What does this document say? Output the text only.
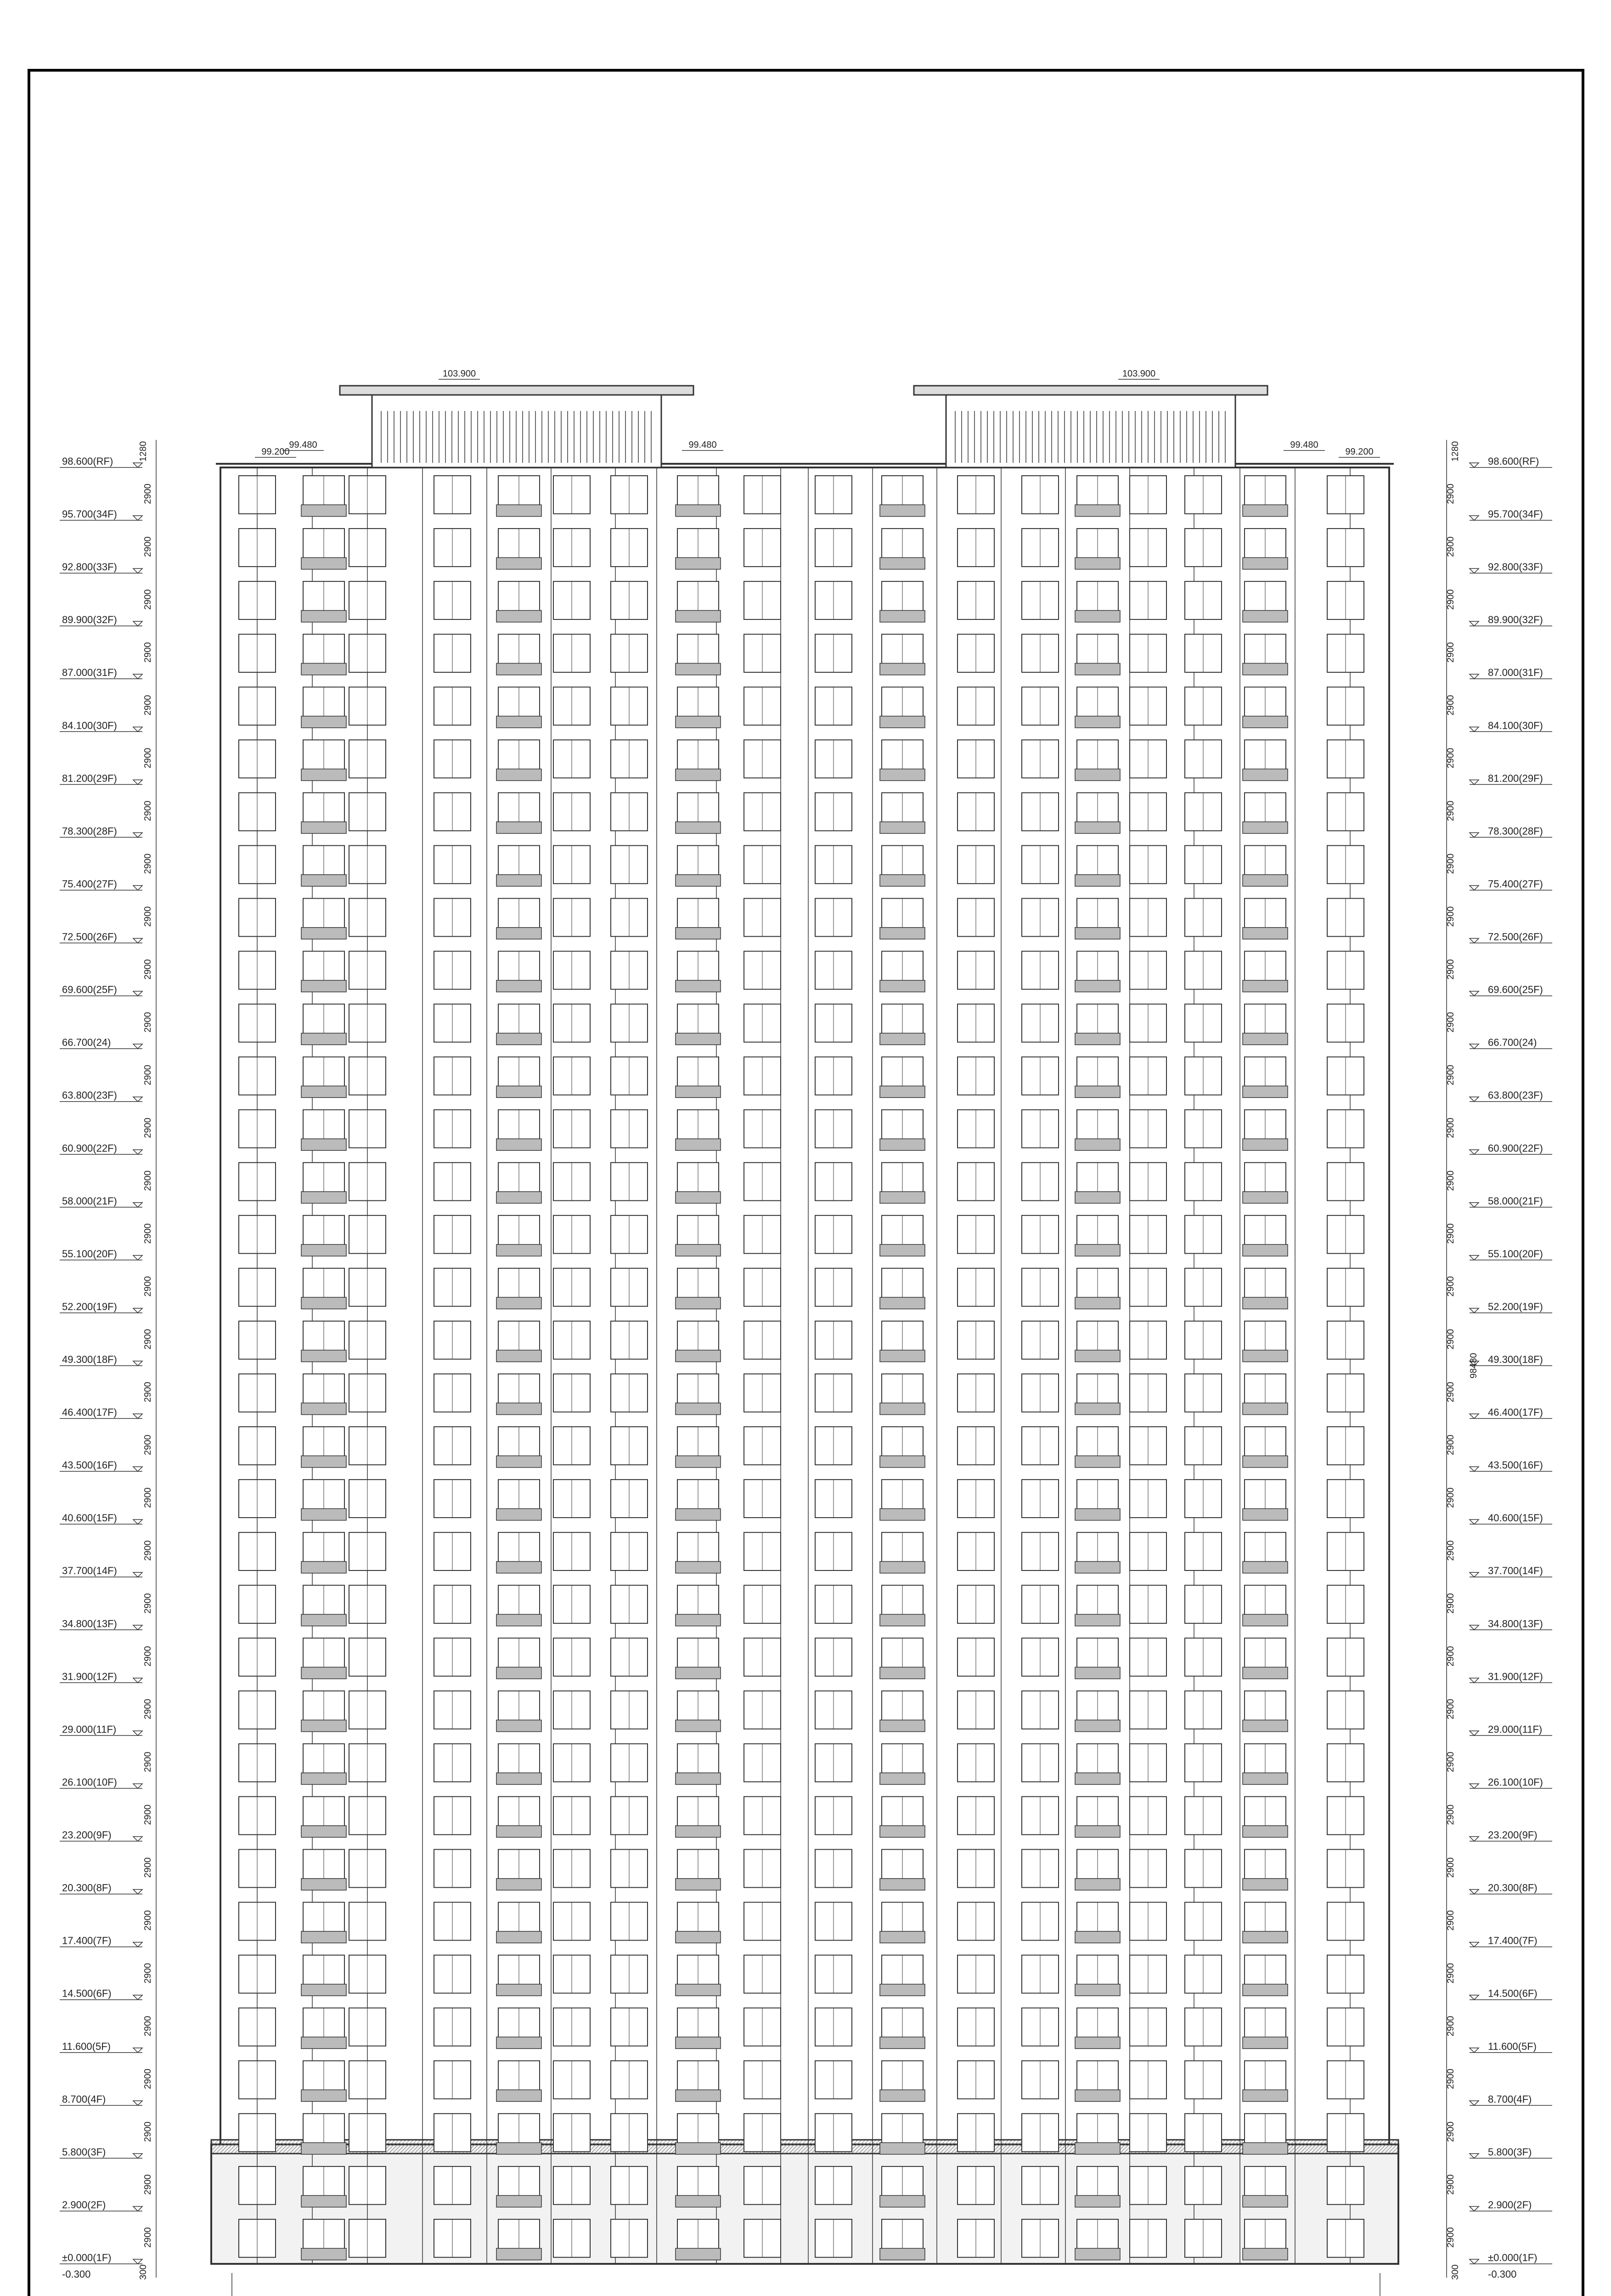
98.600(RF)
2900
95.700(34F)
2900
92.800(33F)
2900
89.900(32F)
2900
87.000(31F)
2900
84.100(30F)
2900
81.200(29F)
2900
78.300(28F)
2900
75.400(27F)
2900
72.500(26F)
2900
69.600(25F)
2900
66.700(24)
2900
63.800(23F)
2900
60.900(22F)
2900
58.000(21F)
2900
55.100(20F)
2900
52.200(19F)
2900
49.300(18F)
2900
46.400(17F)
2900
43.500(16F)
2900
40.600(15F)
2900
37.700(14F)
2900
34.800(13F)
2900
31.900(12F)
2900
29.000(11F)
2900
26.100(10F)
2900
23.200(9F)
2900
20.300(8F)
2900
17.400(7F)
2900
14.500(6F)
2900
11.600(5F)
2900
8.700(4F)
2900
5.800(3F)
2900
2.900(2F)
2900
±0.000(1F)
-0.300
98.600(RF)
2900
95.700(34F)
2900
92.800(33F)
2900
89.900(32F)
2900
87.000(31F)
2900
84.100(30F)
2900
81.200(29F)
2900
78.300(28F)
2900
75.400(27F)
2900
72.500(26F)
2900
69.600(25F)
2900
66.700(24)
2900
63.800(23F)
2900
60.900(22F)
2900
58.000(21F)
2900
55.100(20F)
2900
52.200(19F)
2900
49.300(18F)
2900
46.400(17F)
2900
43.500(16F)
2900
40.600(15F)
2900
37.700(14F)
2900
34.800(13F)
2900
31.900(12F)
2900
29.000(11F)
2900
26.100(10F)
2900
23.200(9F)
2900
20.300(8F)
2900
17.400(7F)
2900
14.500(6F)
2900
11.600(5F)
2900
8.700(4F)
2900
5.800(3F)
2900
2.900(2F)
2900
±0.000(1F)
-0.300
1280	1280
98480
300	300
103.900	103.900
99.200
99.480	99.480	99.480
99.200
